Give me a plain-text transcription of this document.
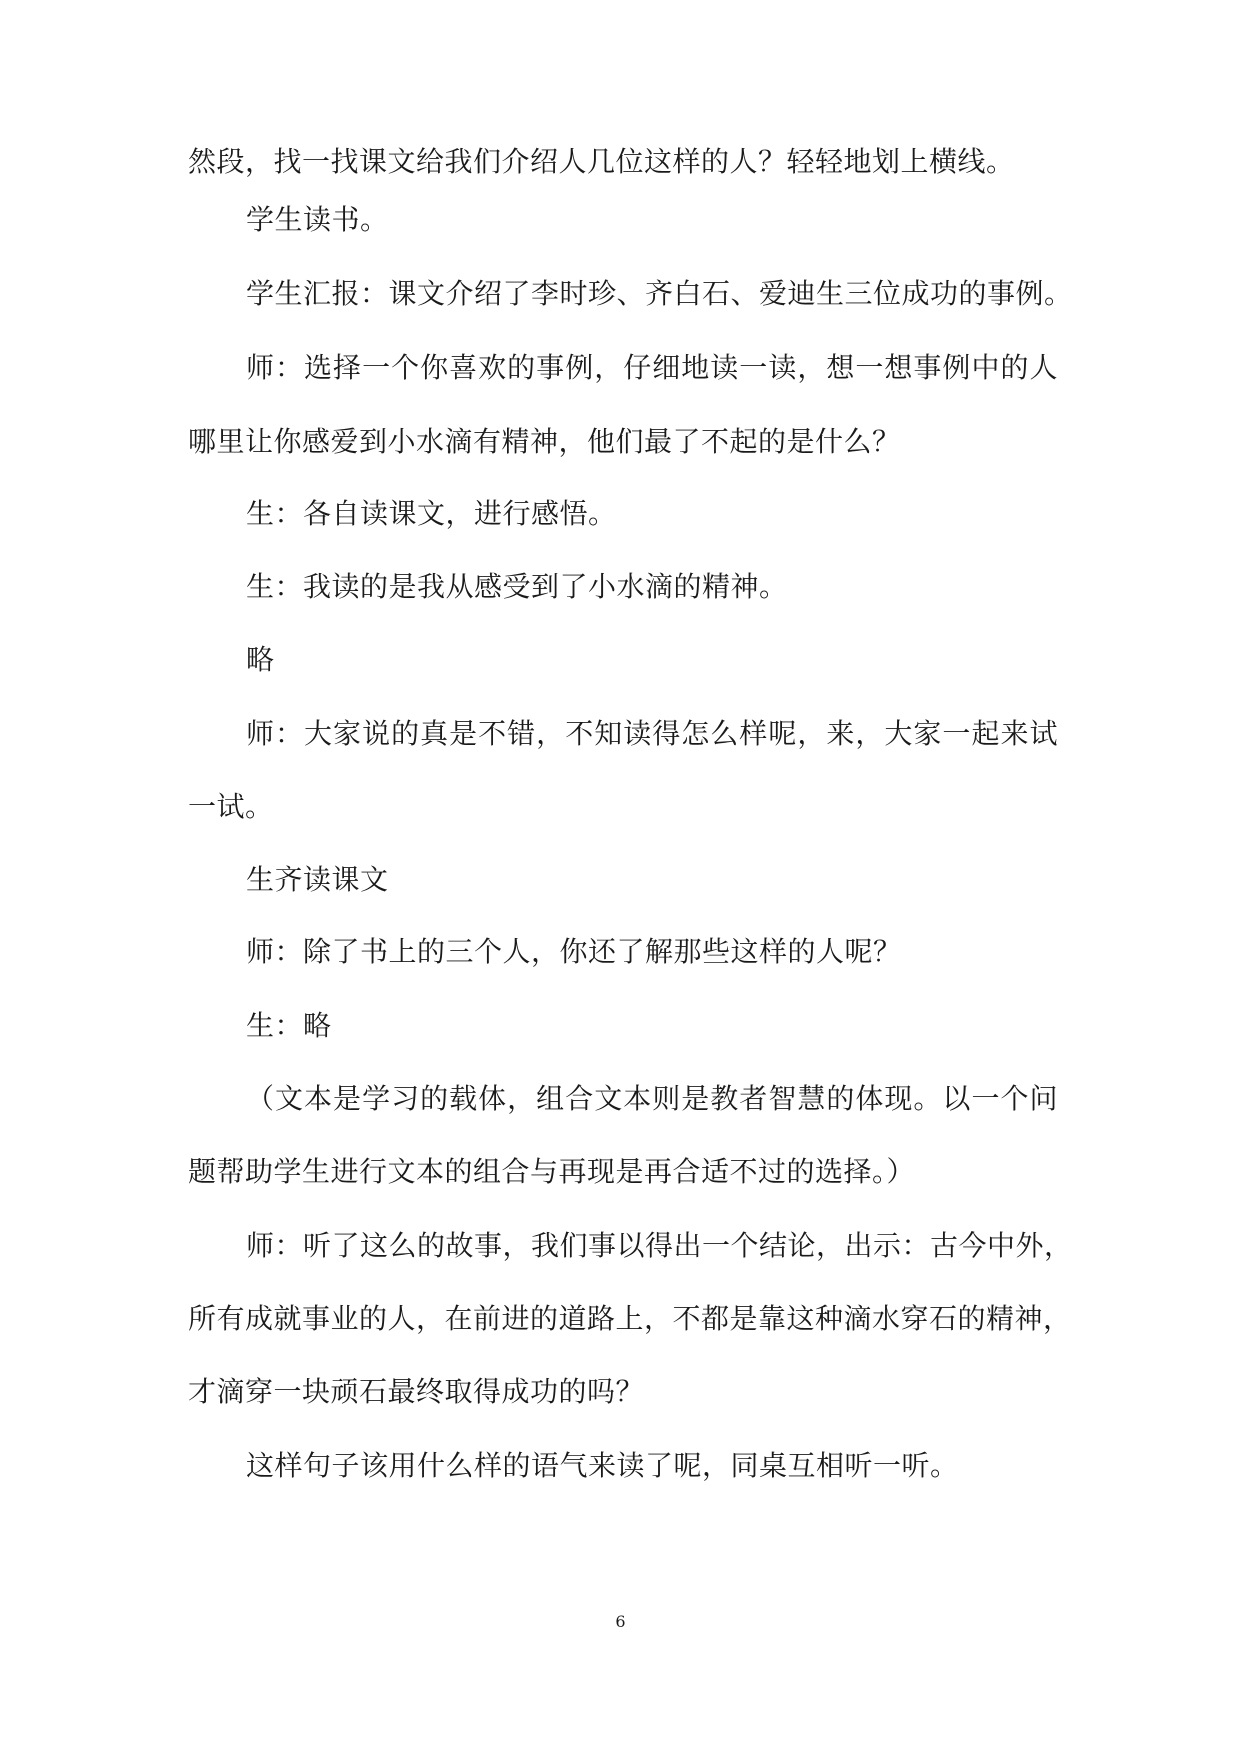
然段，找一找课文给我们介绍人几位这样的人？轻轻地划上横线。
学生读书。
学生汇报：课文介绍了李时珍、齐白石、爱迪生三位成功的事例。
师：选择一个你喜欢的事例，仔细地读一读，想一想事例中的人
哪里让你感爱到小水滴有精神，他们最了不起的是什么？
生：各自读课文，进行感悟。
生：我读的是我从感受到了小水滴的精神。
略
师：大家说的真是不错，不知读得怎么样呢，来，大家一起来试
一试。
生齐读课文
师：除了书上的三个人，你还了解那些这样的人呢？
生：略
（文本是学习的载体，组合文本则是教者智慧的体现。以一个问
题帮助学生进行文本的组合与再现是再合适不过的选择。）
师：听了这么的故事，我们事以得出一个结论，出示：古今中外，
所有成就事业的人，在前进的道路上，不都是靠这种滴水穿石的精神，
才滴穿一块顽石最终取得成功的吗？
这样句子该用什么样的语气来读了呢，同桌互相听一听。
6
